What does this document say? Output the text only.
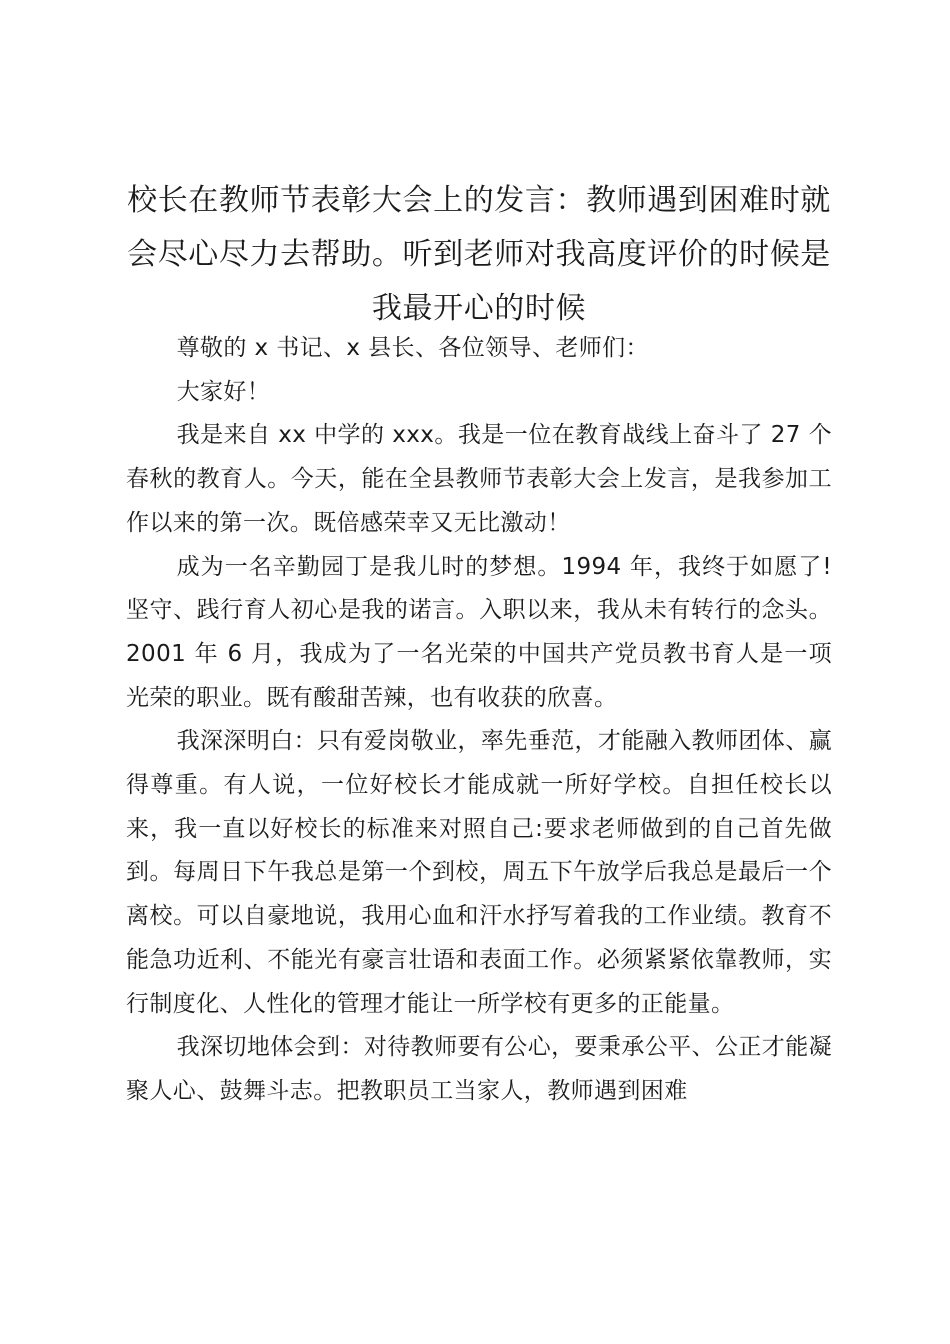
校长在教师节表彰大会上的发言：教师遇到困难时就会尽心尽力去帮助。听到老师对我高度评价的时候是我最开心的时候

尊敬的 x 书记、x 县长、各位领导、老师们：

大家好！

我是来自 xx 中学的 xxx。我是一位在教育战线上奋斗了 27 个春秋的教育人。今天，能在全县教师节表彰大会上发言，是我参加工作以来的第一次。既倍感荣幸又无比激动！

成为一名辛勤园丁是我儿时的梦想。1994 年，我终于如愿了!坚守、践行育人初心是我的诺言。入职以来，我从未有转行的念头。2001 年 6 月，我成为了一名光荣的中国共产党员教书育人是一项光荣的职业。既有酸甜苦辣，也有收获的欣喜。

我深深明白：只有爱岗敬业，率先垂范，才能融入教师团体、赢得尊重。有人说，一位好校长才能成就一所好学校。自担任校长以来，我一直以好校长的标准来对照自己:要求老师做到的自己首先做到。每周日下午我总是第一个到校，周五下午放学后我总是最后一个离校。可以自豪地说，我用心血和汗水抒写着我的工作业绩。教育不能急功近利、不能光有豪言壮语和表面工作。必须紧紧依靠教师，实行制度化、人性化的管理才能让一所学校有更多的正能量。

我深切地体会到：对待教师要有公心，要秉承公平、公正才能凝聚人心、鼓舞斗志。把教职员工当家人，教师遇到困难
